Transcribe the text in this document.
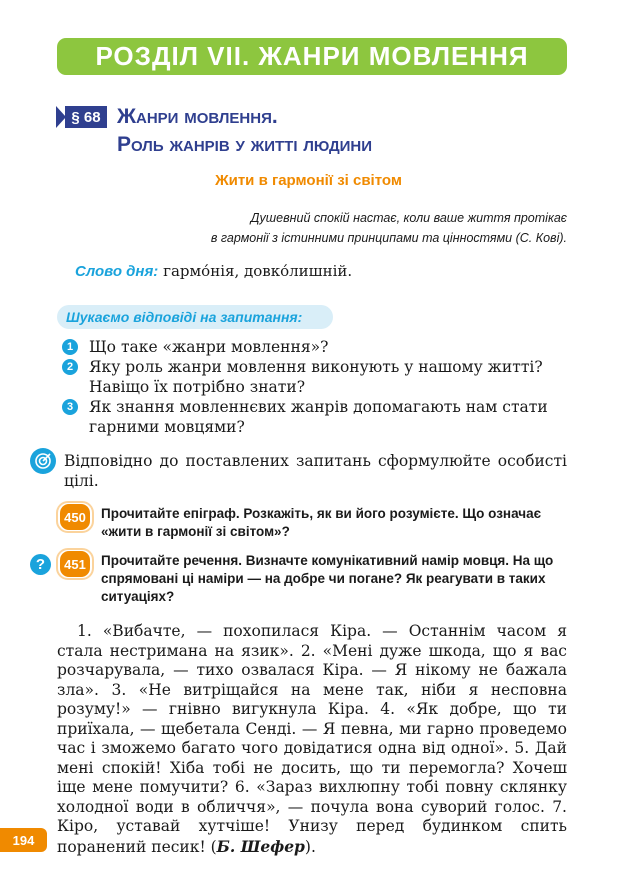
РОЗДІЛ VII. ЖАНРИ МОВЛЕННЯ
§ 68 Жанри мовлення.
Роль жанрів у житті людини
Жити в гармонії зі світом
Душевний спокій настає, коли ваше життя протікає
в гармонії з істинними принципами та цінностями (С. Кові).
Слово дня: гармо́нія, довко́лишній.
Шукаємо відповіді на запитання:
1	Що таке «жанри мовлення»?
2	Яку роль жанри мовлення виконують у нашому житті? Навіщо їх потрібно знати?
3	Як знання мовленнєвих жанрів допомагають нам стати гарними мовцями?
Відповідно до поставлених запитань сформулюйте особисті цілі.
450	Прочитайте епіграф. Розкажіть, як ви його розумієте. Що означає «жити в гармонії зі світом»?
?	451	Прочитайте речення. Визначте комунікативний намір мовця. На що спрямовані ці наміри — на добре чи погане? Як реагувати в таких ситуаціях?
1. «Вибачте, — похопилася Кіра. — Останнім часом я стала нестримана на язик». 2. «Мені дуже шкода, що я вас розчарувала, — тихо озвалася Кіра. — Я нікому не бажала зла». 3. «Не витріщайся на мене так, ніби я несповна розуму!» — гнівно вигукнула Кіра. 4. «Як добре, що ти приїхала, — щебетала Сенді. — Я певна, ми гарно проведемо час і зможемо багато чого довідатися одна від одної». 5. Дай мені спокій! Хіба тобі не досить, що ти перемогла? Хочеш іще мене помучити? 6. «Зараз вихлюпну тобі повну склянку холодної води в обличчя», — почула вона суворий голос. 7. Кіро, уставай хутчіше! Унизу перед будинком спить поранений песик! (Б. Шефер).
194
